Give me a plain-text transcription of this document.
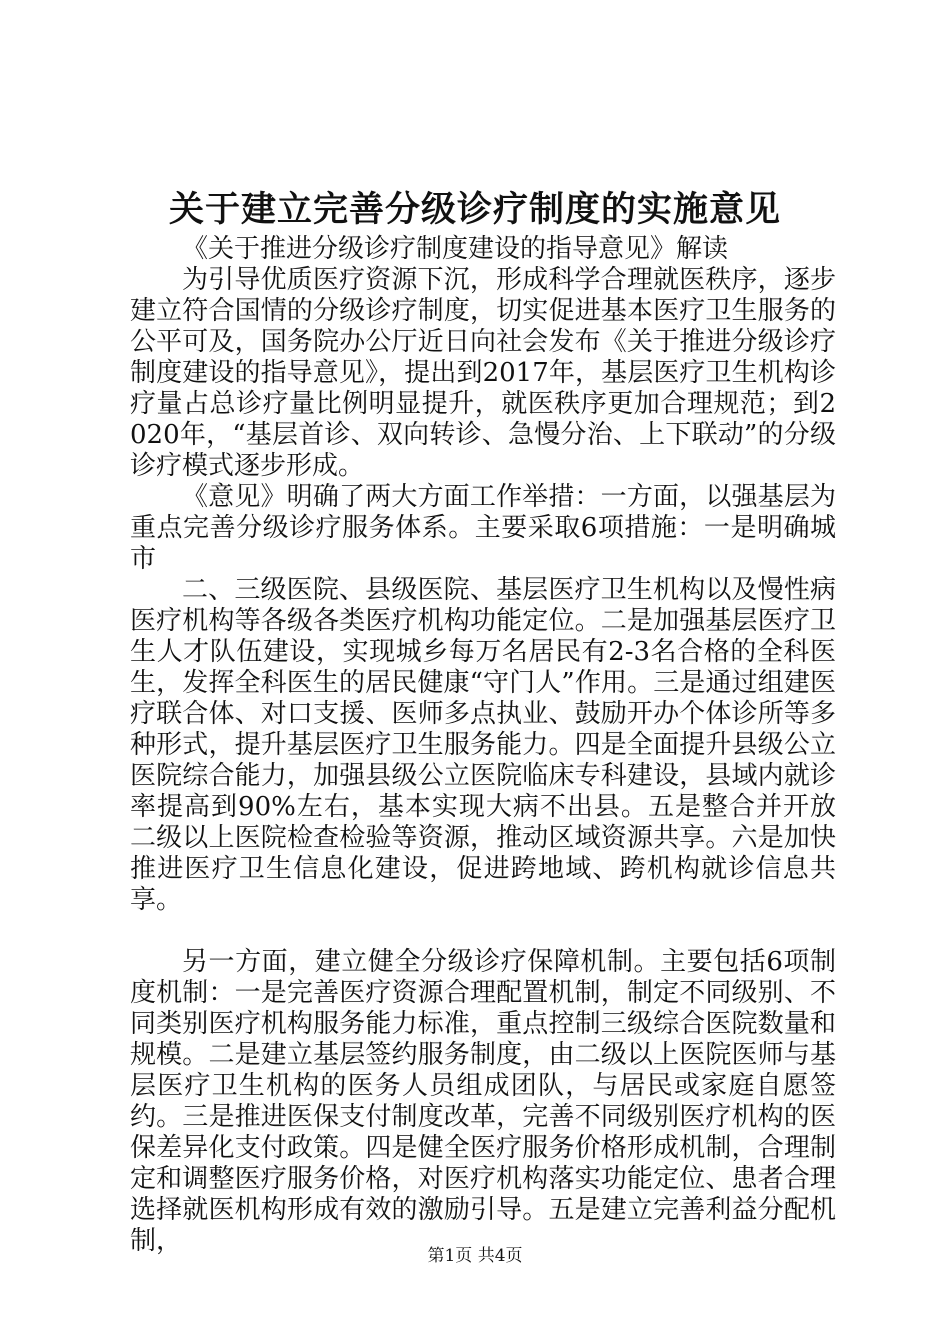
关于建立完善分级诊疗制度的实施意见

《关于推进分级诊疗制度建设的指导意见》解读

为引导优质医疗资源下沉，形成科学合理就医秩序，逐步建立符合国情的分级诊疗制度，切实促进基本医疗卫生服务的公平可及，国务院办公厅近日向社会发布《关于推进分级诊疗制度建设的指导意见》，提出到2017年，基层医疗卫生机构诊疗量占总诊疗量比例明显提升，就医秩序更加合理规范；到2020年，“基层首诊、双向转诊、急慢分治、上下联动”的分级诊疗模式逐步形成。

《意见》明确了两大方面工作举措：一方面，以强基层为重点完善分级诊疗服务体系。主要采取6项措施：一是明确城市

二、三级医院、县级医院、基层医疗卫生机构以及慢性病医疗机构等各级各类医疗机构功能定位。二是加强基层医疗卫生人才队伍建设，实现城乡每万名居民有2-3名合格的全科医生，发挥全科医生的居民健康“守门人”作用。三是通过组建医疗联合体、对口支援、医师多点执业、鼓励开办个体诊所等多种形式，提升基层医疗卫生服务能力。四是全面提升县级公立医院综合能力，加强县级公立医院临床专科建设，县域内就诊率提高到90%左右，基本实现大病不出县。五是整合并开放二级以上医院检查检验等资源，推动区域资源共享。六是加快推进医疗卫生信息化建设，促进跨地域、跨机构就诊信息共享。

另一方面，建立健全分级诊疗保障机制。主要包括6项制度机制：一是完善医疗资源合理配置机制，制定不同级别、不同类别医疗机构服务能力标准，重点控制三级综合医院数量和规模。二是建立基层签约服务制度，由二级以上医院医师与基层医疗卫生机构的医务人员组成团队，与居民或家庭自愿签约。三是推进医保支付制度改革，完善不同级别医疗机构的医保差异化支付政策。四是健全医疗服务价格形成机制，合理制定和调整医疗服务价格，对医疗机构落实功能定位、患者合理选择就医机构形成有效的激励引导。五是建立完善利益分配机制，	第1页 共4页
